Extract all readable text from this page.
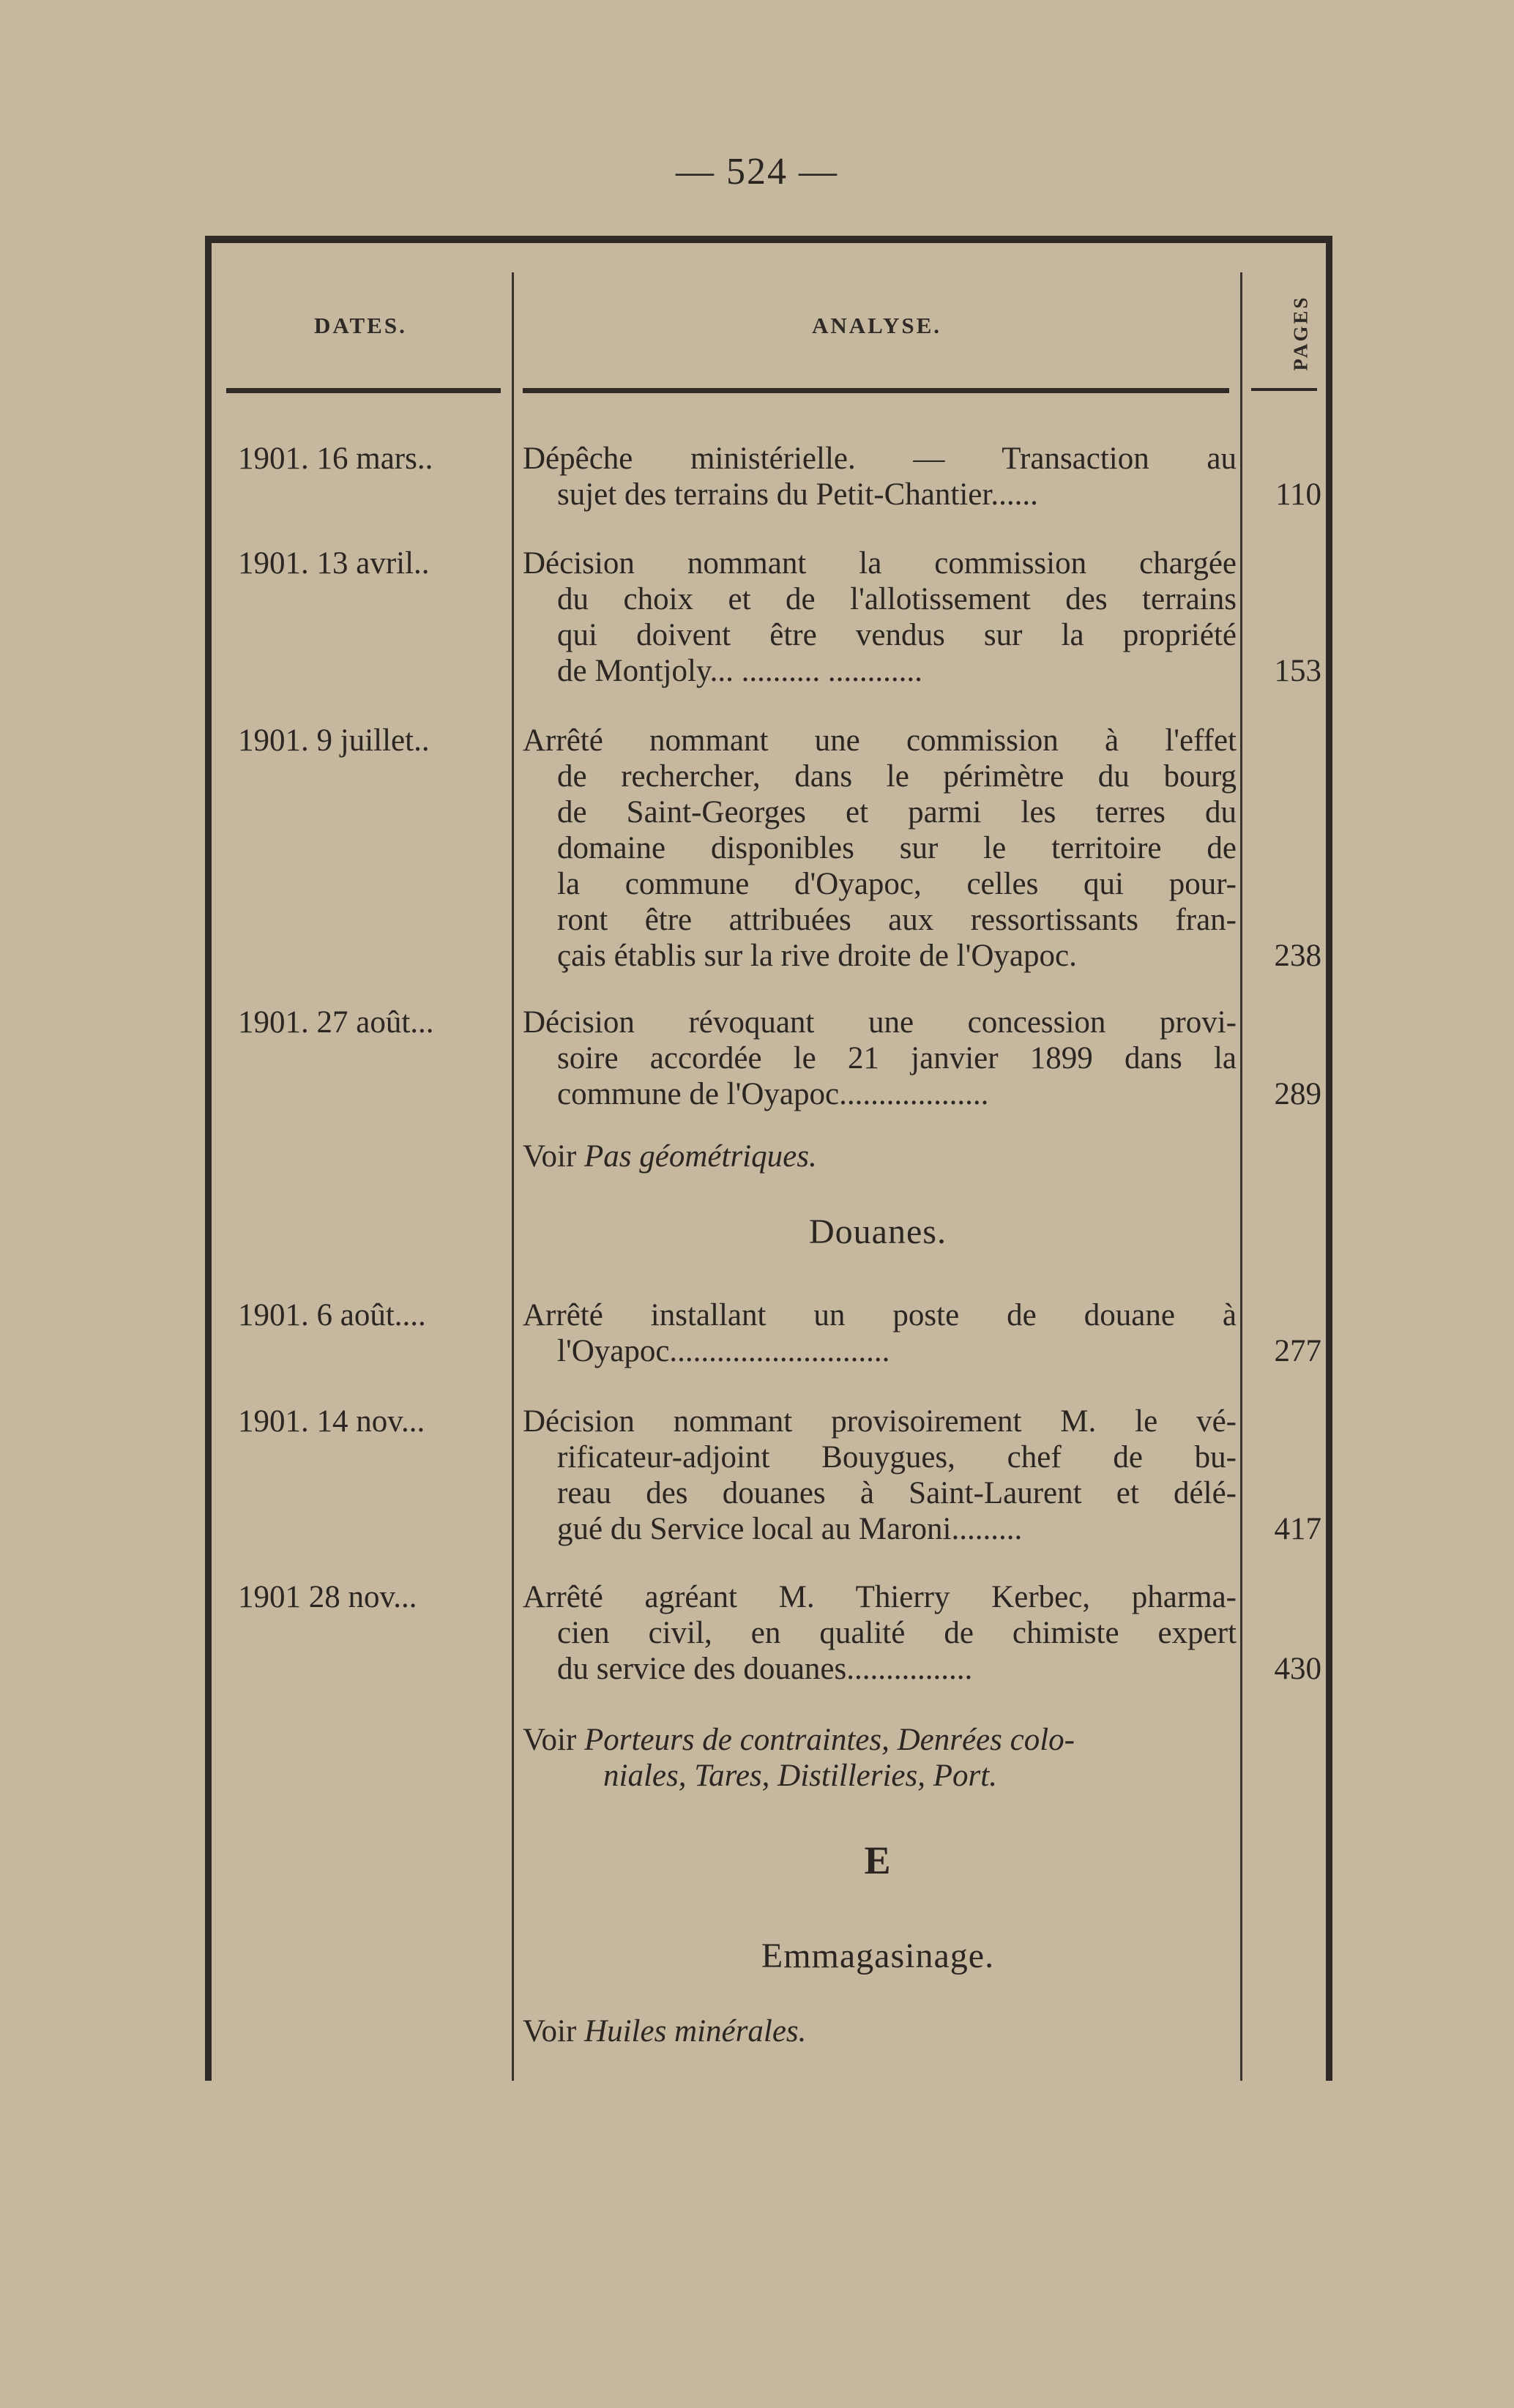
— 524 —
DATES.	ANALYSE.	PAGES
1901. 16 mars..	Dépêche ministérielle. — Transaction au
sujet des terrains du Petit-Chantier......	110
1901. 13 avril..	Décision nommant la commission chargée
du choix et de l'allotissement des terrains
qui doivent être vendus sur la propriété
de Montjoly... .......... ............	153
1901. 9 juillet..	Arrêté nommant une commission à l'effet
de rechercher, dans le périmètre du bourg
de Saint-Georges et parmi les terres du
domaine disponibles sur le territoire de
la commune d'Oyapoc, celles qui pour-
ront être attribuées aux ressortissants fran-
çais établis sur la rive droite de l'Oyapoc.	238
1901. 27 août...	Décision révoquant une concession provi-
soire accordée le 21 janvier 1899 dans la
commune de l'Oyapoc...................	289
Voir Pas géométriques.
Douanes.
1901. 6 août....	Arrêté installant un poste de douane à
l'Oyapoc............................	277
1901. 14 nov...	Décision nommant provisoirement M. le vé-
rificateur-adjoint Bouygues, chef de bu-
reau des douanes à Saint-Laurent et délé-
gué du Service local au Maroni.........	417
1901 28 nov...	Arrêté agréant M. Thierry Kerbec, pharma-
cien civil, en qualité de chimiste expert
du service des douanes................	430
Voir Porteurs de contraintes, Denrées colo-
niales, Tares, Distilleries, Port.
E
Emmagasinage.
Voir Huiles minérales.
